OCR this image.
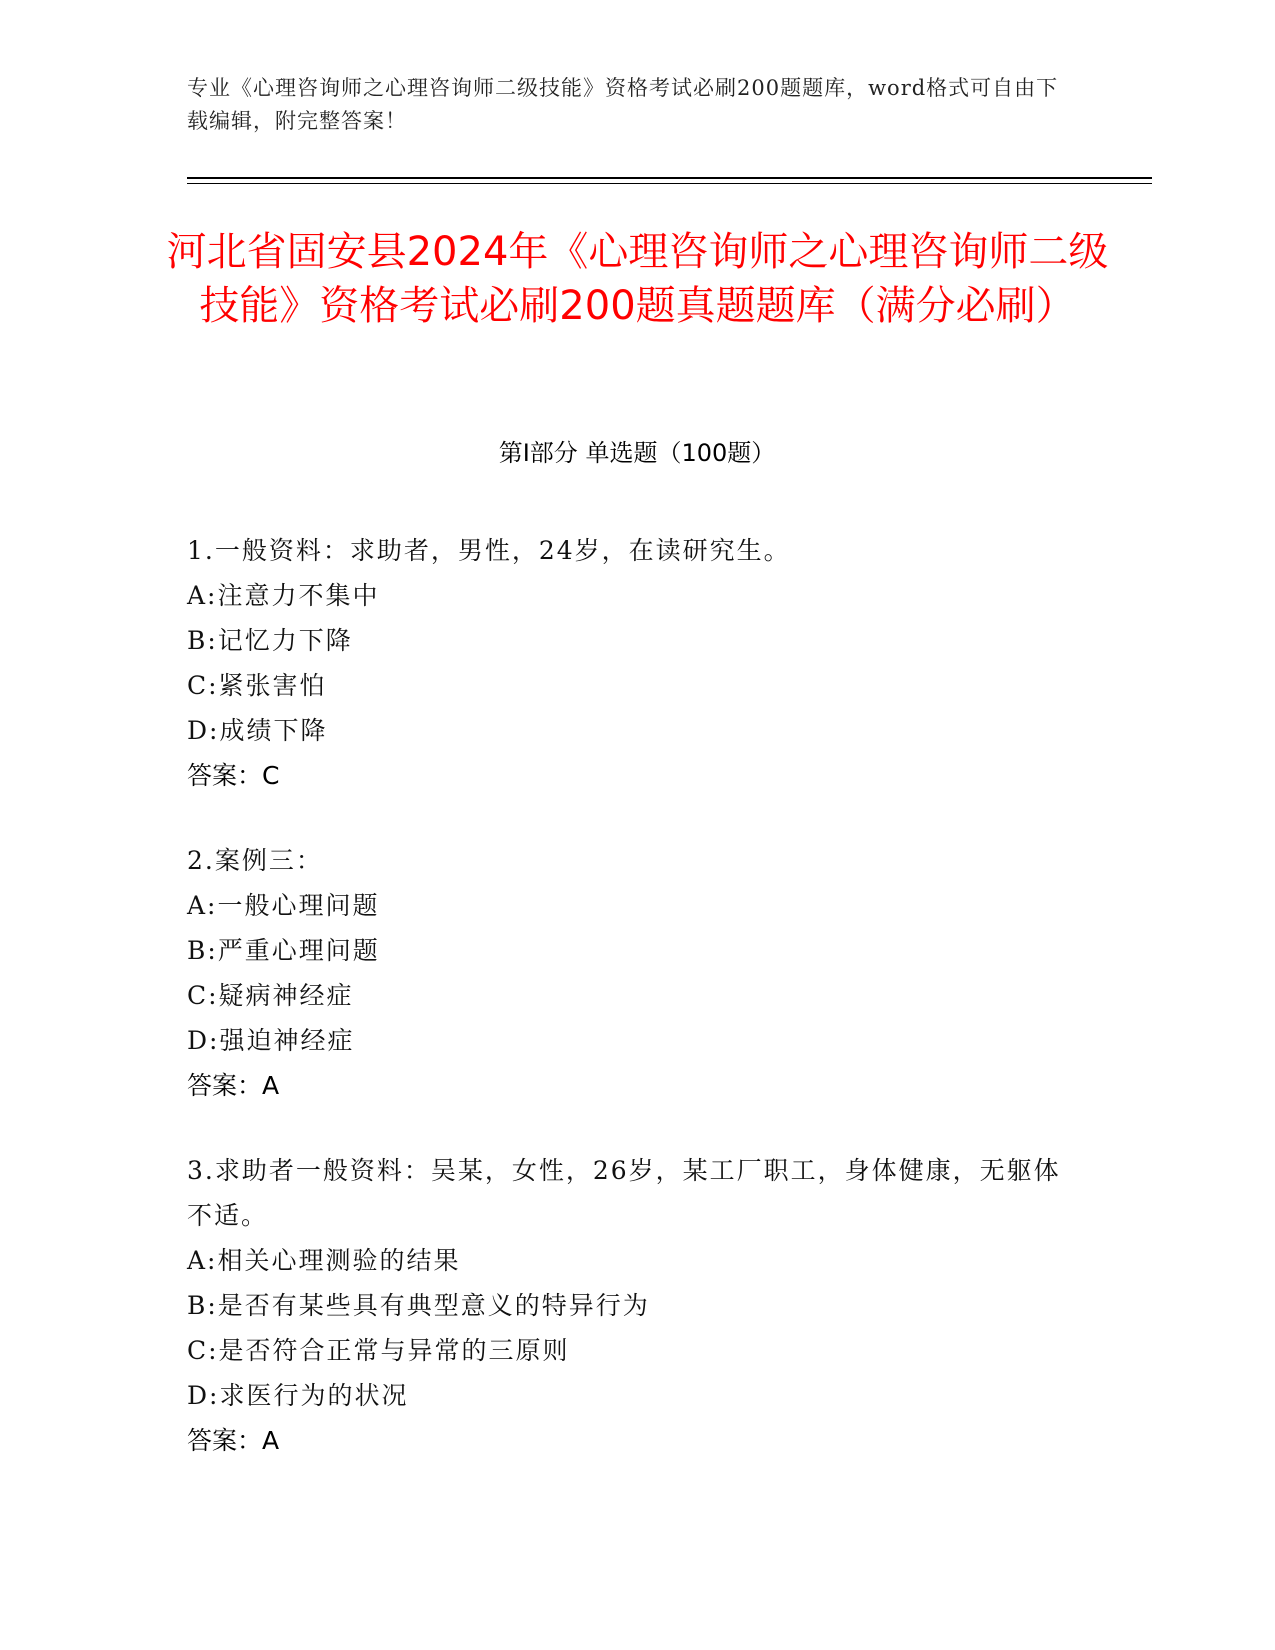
专业《心理咨询师之心理咨询师二级技能》资格考试必刷200题题库，word格式可自由下载编辑，附完整答案！
河北省固安县2024年《心理咨询师之心理咨询师二级技能》资格考试必刷200题真题题库（满分必刷）
第Ⅰ部分 单选题（100题）
1.一般资料：求助者，男性，24岁，在读研究生。
A:注意力不集中
B:记忆力下降
C:紧张害怕
D:成绩下降
答案：C
2.案例三：
A:一般心理问题
B:严重心理问题
C:疑病神经症
D:强迫神经症
答案：A
3.求助者一般资料：吴某，女性，26岁，某工厂职工，身体健康，无躯体不适。
A:相关心理测验的结果
B:是否有某些具有典型意义的特异行为
C:是否符合正常与异常的三原则
D:求医行为的状况
答案：A
